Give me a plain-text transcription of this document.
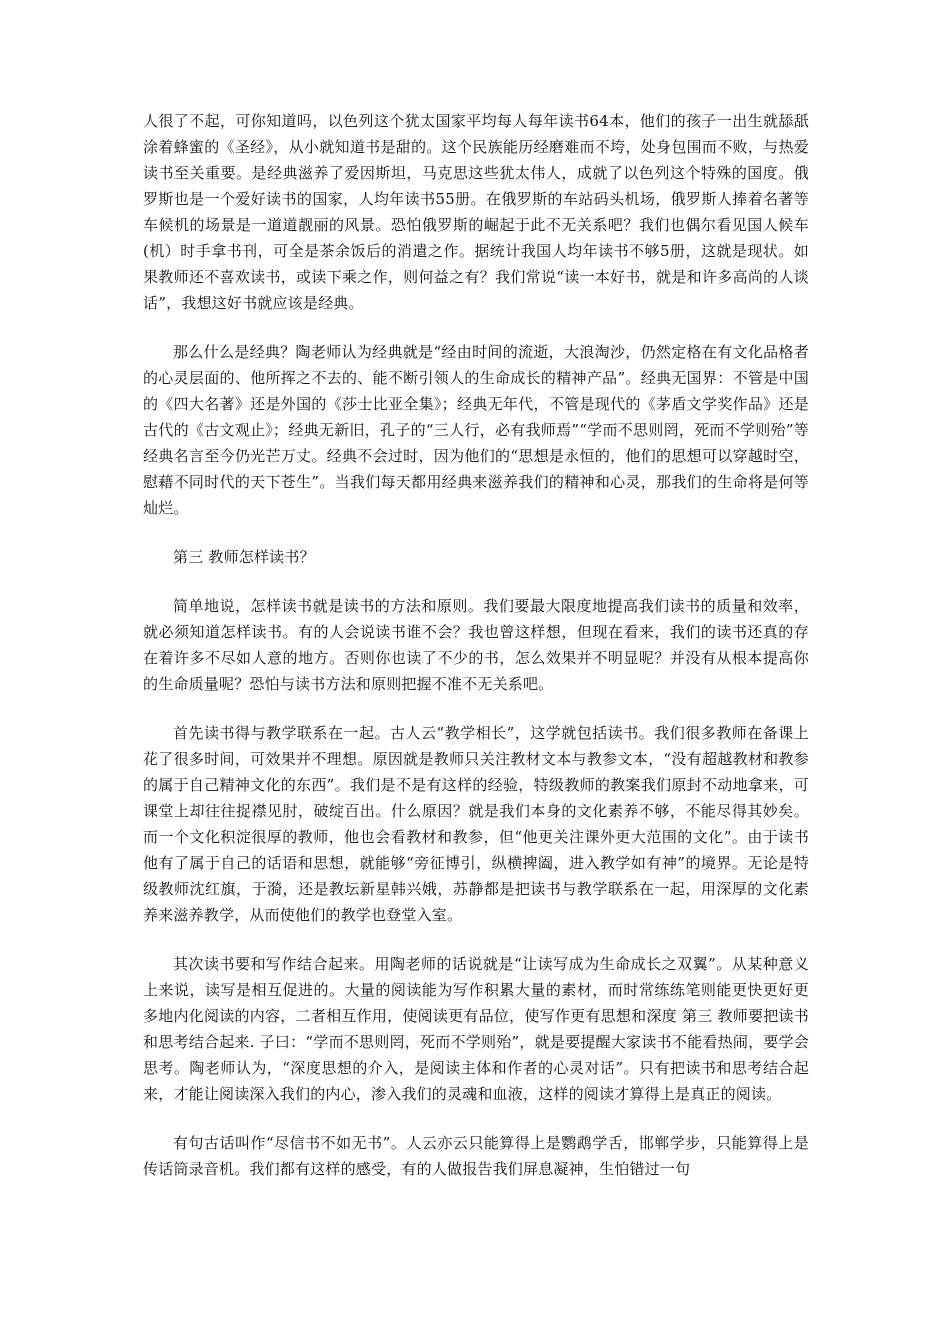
人很了不起，可你知道吗，以色列这个犹太国家平均每人每年读书64本，他们的孩子一出生就舔舐涂着蜂蜜的《圣经》，从小就知道书是甜的。这个民族能历经磨难而不垮，处身包围而不败，与热爱读书至关重要。是经典滋养了爱因斯坦，马克思这些犹太伟人，成就了以色列这个特殊的国度。俄罗斯也是一个爱好读书的国家，人均年读书55册。在俄罗斯的车站码头机场，俄罗斯人捧着名著等车候机的场景是一道道靓丽的风景。恐怕俄罗斯的崛起于此不无关系吧？我们也偶尔看见国人候车(机）时手拿书刊，可全是茶余饭后的消遣之作。据统计我国人均年读书不够5册，这就是现状。如果教师还不喜欢读书，或读下乘之作，则何益之有？我们常说“读一本好书，就是和许多高尚的人谈话”，我想这好书就应该是经典。

那么什么是经典？陶老师认为经典就是“经由时间的流逝，大浪淘沙，仍然定格在有文化品格者的心灵层面的、他所挥之不去的、能不断引领人的生命成长的精神产品”。经典无国界：不管是中国的《四大名著》还是外国的《莎士比亚全集》；经典无年代，不管是现代的《茅盾文学奖作品》还是古代的《古文观止》；经典无新旧，孔子的“三人行，必有我师焉”“学而不思则罔，死而不学则殆”等经典名言至今仍光芒万丈。经典不会过时，因为他们的“思想是永恒的，他们的思想可以穿越时空，慰藉不同时代的天下苍生”。当我们每天都用经典来滋养我们的精神和心灵，那我们的生命将是何等灿烂。

第三 教师怎样读书？

简单地说，怎样读书就是读书的方法和原则。我们要最大限度地提高我们读书的质量和效率，就必须知道怎样读书。有的人会说读书谁不会？我也曾这样想，但现在看来，我们的读书还真的存在着许多不尽如人意的地方。否则你也读了不少的书，怎么效果并不明显呢？并没有从根本提高你的生命质量呢？恐怕与读书方法和原则把握不准不无关系吧。

首先读书得与教学联系在一起。古人云“教学相长”，这学就包括读书。我们很多教师在备课上花了很多时间，可效果并不理想。原因就是教师只关注教材文本与教参文本，“没有超越教材和教参的属于自己精神文化的东西”。我们是不是有这样的经验，特级教师的教案我们原封不动地拿来，可课堂上却往往捉襟见肘，破绽百出。什么原因？就是我们本身的文化素养不够，不能尽得其妙矣。而一个文化积淀很厚的教师，他也会看教材和教参，但“他更关注课外更大范围的文化”。由于读书他有了属于自己的话语和思想，就能够“旁征博引，纵横捭阖，进入教学如有神”的境界。无论是特级教师沈红旗，于漪，还是教坛新星韩兴娥，苏静都是把读书与教学联系在一起，用深厚的文化素养来滋养教学，从而使他们的教学也登堂入室。

其次读书要和写作结合起来。用陶老师的话说就是“让读写成为生命成长之双翼”。从某种意义上来说，读写是相互促进的。大量的阅读能为写作积累大量的素材，而时常练练笔则能更快更好更多地内化阅读的内容，二者相互作用，使阅读更有品位，使写作更有思想和深度 第三 教师要把读书和思考结合起来. 子曰：“学而不思则罔，死而不学则殆”，就是要提醒大家读书不能看热闹，要学会思考。陶老师认为，“深度思想的介入，是阅读主体和作者的心灵对话”。只有把读书和思考结合起来，才能让阅读深入我们的内心，渗入我们的灵魂和血液，这样的阅读才算得上是真正的阅读。

有句古话叫作“尽信书不如无书”。人云亦云只能算得上是鹦鹉学舌，邯郸学步，只能算得上是传话筒录音机。我们都有这样的感受，有的人做报告我们屏息凝神，生怕错过一句
